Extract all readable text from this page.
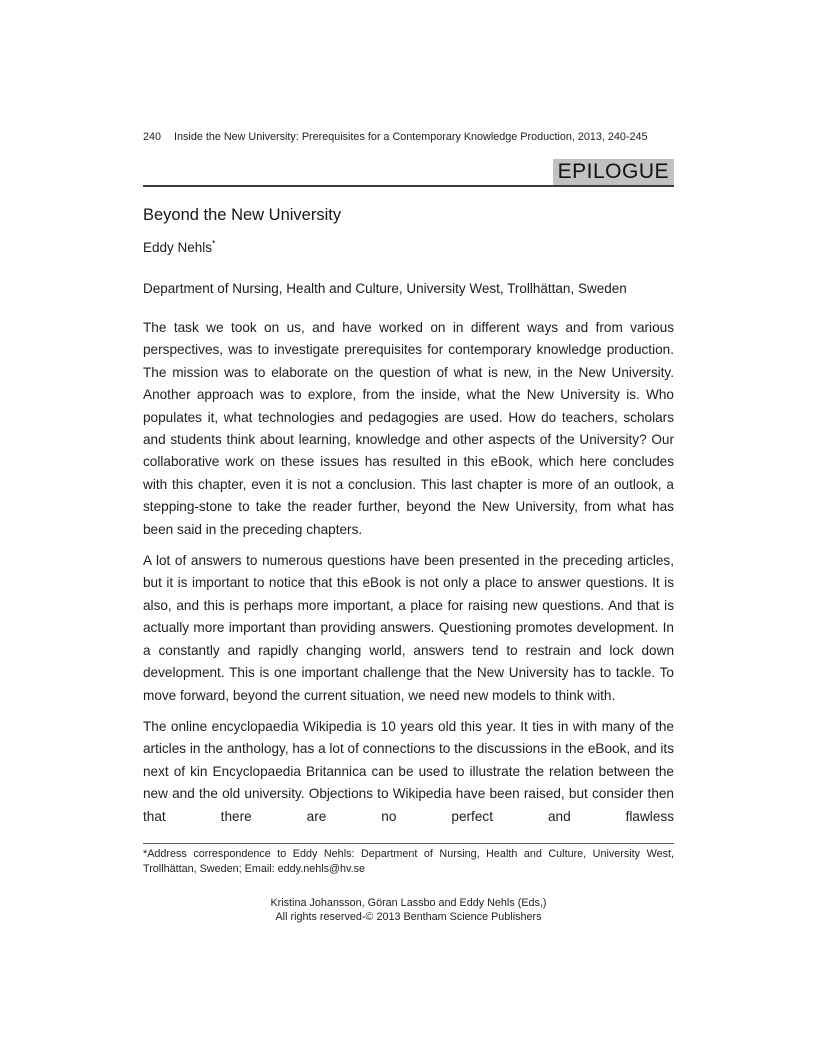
240 Inside the New University: Prerequisites for a Contemporary Knowledge Production, 2013, 240-245
EPILOGUE
Beyond the New University
Eddy Nehls*
Department of Nursing, Health and Culture, University West, Trollhättan, Sweden

The task we took on us, and have worked on in different ways and from various perspectives, was to investigate prerequisites for contemporary knowledge production. The mission was to elaborate on the question of what is new, in the New University. Another approach was to explore, from the inside, what the New University is. Who populates it, what technologies and pedagogies are used. How do teachers, scholars and students think about learning, knowledge and other aspects of the University? Our collaborative work on these issues has resulted in this eBook, which here concludes with this chapter, even it is not a conclusion. This last chapter is more of an outlook, a stepping-stone to take the reader further, beyond the New University, from what has been said in the preceding chapters.

A lot of answers to numerous questions have been presented in the preceding articles, but it is important to notice that this eBook is not only a place to answer questions. It is also, and this is perhaps more important, a place for raising new questions. And that is actually more important than providing answers. Questioning promotes development. In a constantly and rapidly changing world, answers tend to restrain and lock down development. This is one important challenge that the New University has to tackle. To move forward, beyond the current situation, we need new models to think with.

The online encyclopaedia Wikipedia is 10 years old this year. It ties in with many of the articles in the anthology, has a lot of connections to the discussions in the eBook, and its next of kin Encyclopaedia Britannica can be used to illustrate the relation between the new and the old university. Objections to Wikipedia have been raised, but consider then that there are no perfect and flawless

*Address correspondence to Eddy Nehls: Department of Nursing, Health and Culture, University West, Trollhättan, Sweden; Email: eddy.nehls@hv.se
Kristina Johansson, Göran Lassbo and Eddy Nehls (Eds,)
All rights reserved-© 2013 Bentham Science Publishers
